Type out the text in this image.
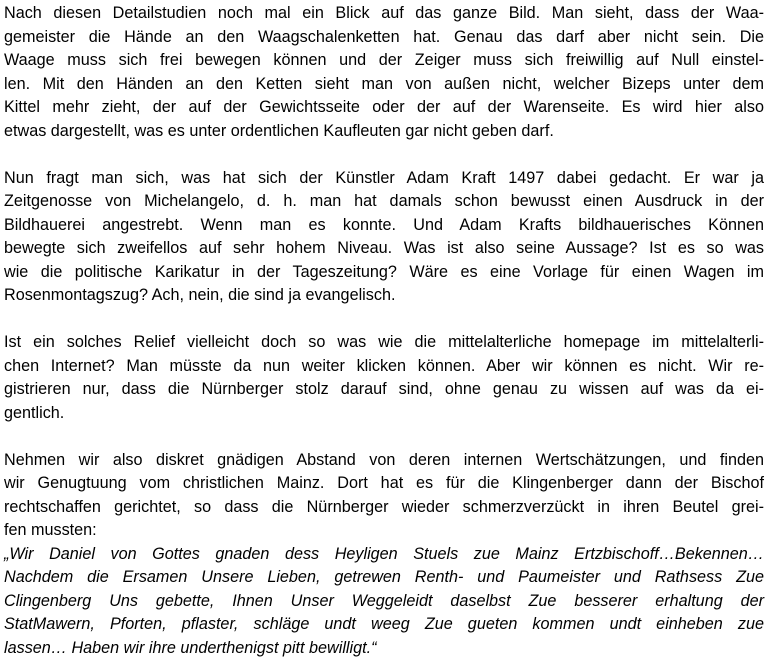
Nach diesen Detailstudien noch mal ein Blick auf das ganze Bild. Man sieht, dass der Waa-
gemeister die Hände an den Waagschalenketten hat. Genau das darf aber nicht sein. Die
Waage muss sich frei bewegen können und der Zeiger muss sich freiwillig auf Null einstel-
len. Mit den Händen an den Ketten sieht man von außen nicht, welcher Bizeps unter dem
Kittel mehr zieht, der auf der Gewichtsseite oder der auf der Warenseite. Es wird hier also
etwas dargestellt, was es unter ordentlichen Kaufleuten gar nicht geben darf.
Nun fragt man sich, was hat sich der Künstler Adam Kraft 1497 dabei gedacht. Er war ja
Zeitgenosse von Michelangelo, d. h. man hat damals schon bewusst einen Ausdruck in der
Bildhauerei angestrebt. Wenn man es konnte. Und Adam Krafts bildhauerisches Können
bewegte sich zweifellos auf sehr hohem Niveau. Was ist also seine Aussage? Ist es so was
wie die politische Karikatur in der Tageszeitung? Wäre es eine Vorlage für einen Wagen im
Rosenmontagszug? Ach, nein, die sind ja evangelisch.
Ist ein solches Relief vielleicht doch so was wie die mittelalterliche homepage im mittelalterli-
chen Internet? Man müsste da nun weiter klicken können. Aber wir können es nicht. Wir re-
gistrieren nur, dass die Nürnberger stolz darauf sind, ohne genau zu wissen auf was da ei-
gentlich.
Nehmen wir also diskret gnädigen Abstand von deren internen Wertschätzungen, und finden
wir Genugtuung vom christlichen Mainz. Dort hat es für die Klingenberger dann der Bischof
rechtschaffen gerichtet, so dass die Nürnberger wieder schmerzverzückt in ihren Beutel grei-
fen mussten:
„Wir Daniel von Gottes gnaden dess Heyligen Stuels zue Mainz Ertzbischoff…Bekennen…
Nachdem die Ersamen Unsere Lieben, getrewen Renth- und Paumeister und Rathsess Zue
Clingenberg Uns gebette, Ihnen Unser Weggeleidt daselbst Zue besserer erhaltung der
StatMawern, Pforten, pflaster, schläge undt weeg Zue gueten kommen undt einheben zue
lassen… Haben wir ihre underthenigst pitt bewilligt.“
